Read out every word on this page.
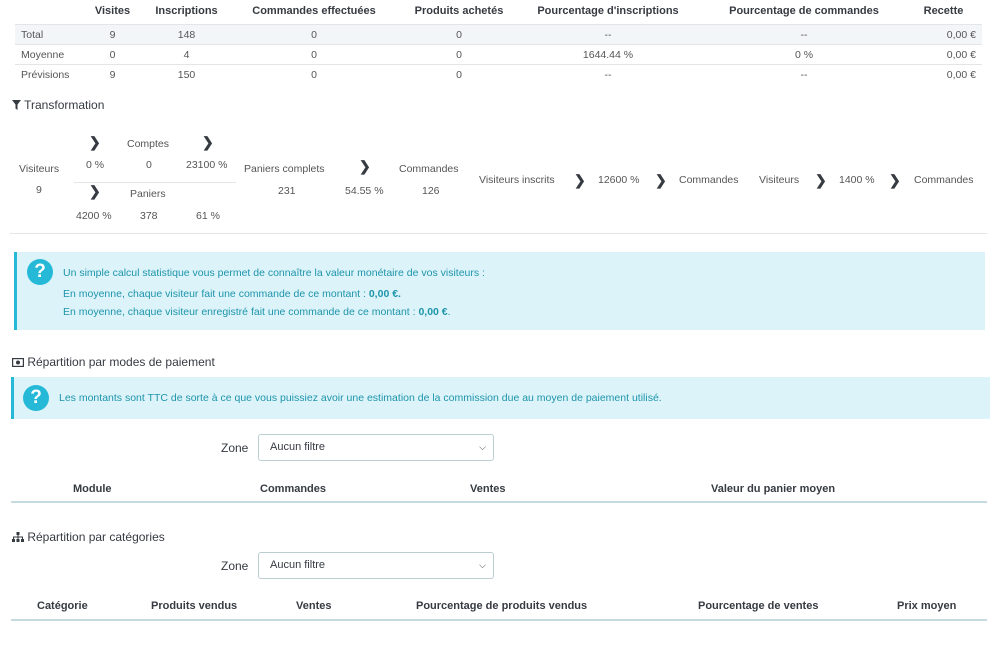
	Visites	Inscriptions	Commandes effectuées	Produits achetés	Pourcentage d'inscriptions	Pourcentage de commandes	Recette
Total	9	148	0	0	--	--	0,00 €
Moyenne	0	4	0	0	1644.44 %	0 %	0,00 €
Prévisions	9	150	0	0	--	--	0,00 €
Transformation
❯	Comptes ❯
Visiteurs
9
0 %	0	23100 %
❯	Paniers
4200 %	378	61 %
Paniers complets
231
❯
54.55 %
Commandes
126
Visiteurs inscrits ❯ 12600 % ❯ Commandes Visiteurs ❯ 1400 % ❯ Commandes
?	Un simple calcul statistique vous permet de connaître la valeur monétaire de vos visiteurs :
En moyenne, chaque visiteur fait une commande de ce montant : 0,00 €.
En moyenne, chaque visiteur enregistré fait une commande de ce montant : 0,00 €.
Répartition par modes de paiement
?	Les montants sont TTC de sorte à ce que vous puissiez avoir une estimation de la commission due au moyen de paiement utilisé.
Zone	Aucun filtre	⌵
Module	Commandes	Ventes	Valeur du panier moyen
Répartition par catégories
Zone	Aucun filtre	⌵
Catégorie	Produits vendus	Ventes	Pourcentage de produits vendus	Pourcentage de ventes	Prix moyen
